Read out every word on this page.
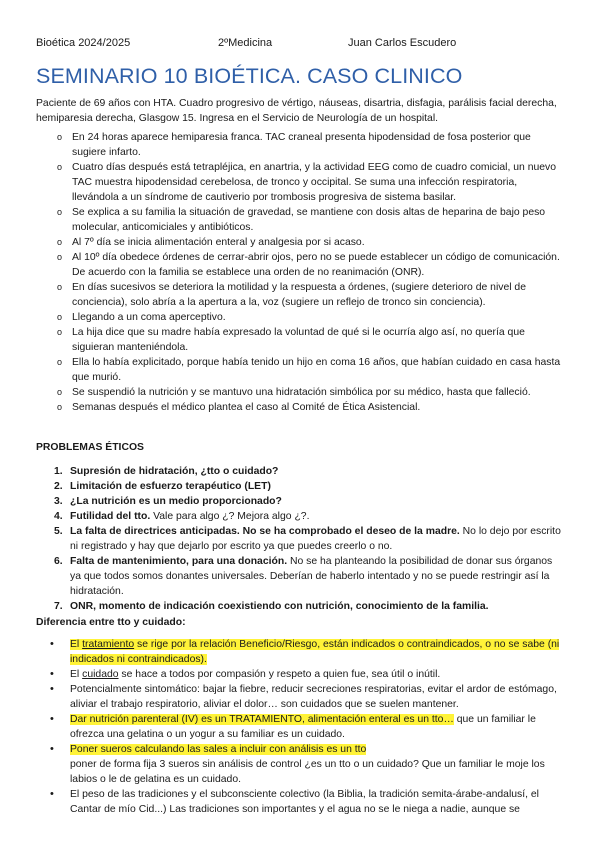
Bioética 2024/2025	2ºMedicina	Juan Carlos Escudero
SEMINARIO 10 BIOÉTICA. CASO CLINICO
Paciente de 69 años con HTA. Cuadro progresivo de vértigo, náuseas, disartria, disfagia, parálisis facial derecha, hemiparesia derecha, Glasgow 15. Ingresa en el Servicio de Neurología de un hospital.
o En 24 horas aparece hemiparesia franca. TAC craneal presenta hipodensidad de fosa posterior que sugiere infarto.
o Cuatro días después está tetrapléjica, en anartria, y la actividad EEG como de cuadro comicial, un nuevo TAC muestra hipodensidad cerebelosa, de tronco y occipital. Se suma una infección respiratoria, llevándola a un síndrome de cautiverio por trombosis progresiva de sistema basilar.
o Se explica a su familia la situación de gravedad, se mantiene con dosis altas de heparina de bajo peso molecular, anticomiciales y antibióticos.
o Al 7º día se inicia alimentación enteral y analgesia por si acaso.
o Al 10º día obedece órdenes de cerrar-abrir ojos, pero no se puede establecer un código de comunicación. De acuerdo con la familia se establece una orden de no reanimación (ONR).
o En días sucesivos se deteriora la motilidad y la respuesta a órdenes, (sugiere deterioro de nivel de conciencia), solo abría a la apertura a la, voz (sugiere un reflejo de tronco sin conciencia).
o Llegando a un coma aperceptivo.
o La hija dice que su madre había expresado la voluntad de qué si le ocurría algo así, no quería que siguieran manteniéndola.
o Ella lo había explicitado, porque había tenido un hijo en coma 16 años, que habían cuidado en casa hasta que murió.
o Se suspendió la nutrición y se mantuvo una hidratación simbólica por su médico, hasta que falleció.
o Semanas después el médico plantea el caso al Comité de Ética Asistencial.
PROBLEMAS ÉTICOS
1. Supresión de hidratación, ¿tto o cuidado?
2. Limitación de esfuerzo terapéutico (LET)
3. ¿La nutrición es un medio proporcionado?
4. Futilidad del tto. Vale para algo ¿? Mejora algo ¿?.
5. La falta de directrices anticipadas. No se ha comprobado el deseo de la madre. No lo dejo por escrito ni registrado y hay que dejarlo por escrito ya que puedes creerlo o no.
6. Falta de mantenimiento, para una donación. No se ha planteando la posibilidad de donar sus órganos ya que todos somos donantes universales. Deberían de haberlo intentado y no se puede restringir así la hidratación.
7. ONR, momento de indicación coexistiendo con nutrición, conocimiento de la familia.
Diferencia entre tto y cuidado:
• El tratamiento se rige por la relación Beneficio/Riesgo, están indicados o contraindicados, o no se sabe (ni indicados ni contraindicados).
• El cuidado se hace a todos por compasión y respeto a quien fue, sea útil o inútil.
• Potencialmente sintomático: bajar la fiebre, reducir secreciones respiratorias, evitar el ardor de estómago, aliviar el trabajo respiratorio, aliviar el dolor… son cuidados que se suelen mantener.
• Dar nutrición parenteral (IV) es un TRATAMIENTO, alimentación enteral es un tto… que un familiar le ofrezca una gelatina o un yogur a su familiar es un cuidado.
• Poner sueros calculando las sales a incluir con análisis es un tto
poner de forma fija 3 sueros sin análisis de control ¿es un tto o un cuidado? Que un familiar le moje los labios o le de gelatina es un cuidado.
• El peso de las tradiciones y el subconsciente colectivo (la Biblia, la tradición semita-árabe-andalusí, el Cantar de mío Cid...) Las tradiciones son importantes y el agua no se le niega a nadie, aunque se
